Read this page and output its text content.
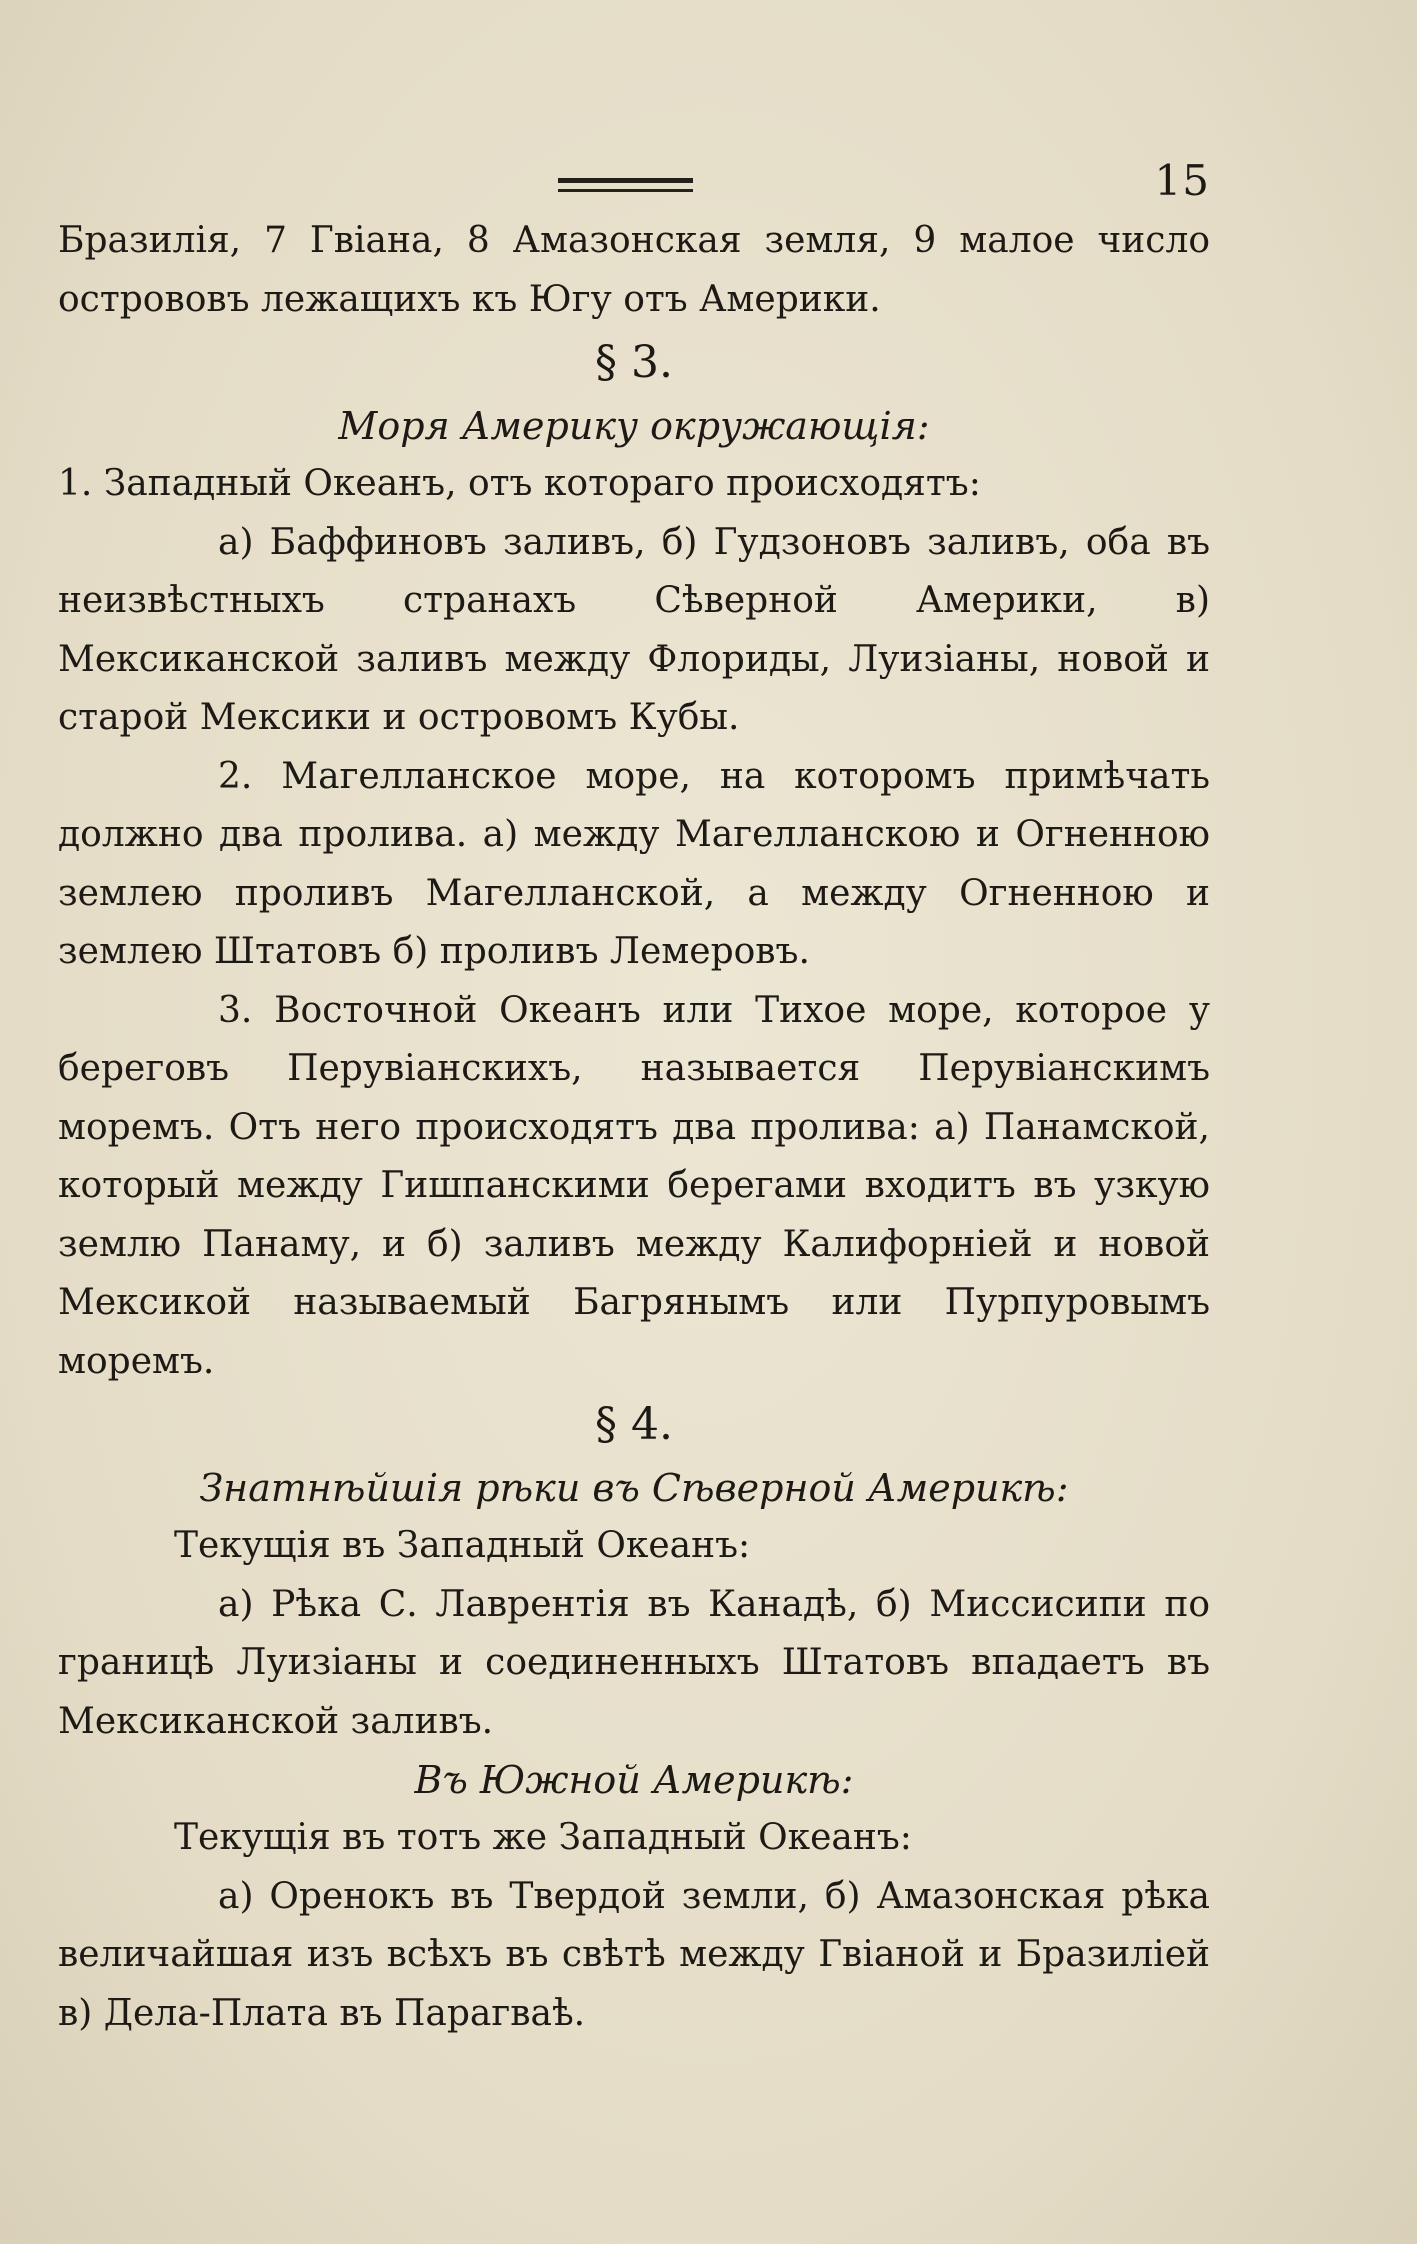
15

Бразилія, 7 Гвіана, 8 Амазонская земля, 9 малое число острововъ лежащихъ къ Югу отъ Америки.

§ 3.
Моря Америку окружающія:

1. Западный Океанъ, отъ котораго происходятъ:

а) Баффиновъ заливъ, б) Гудзоновъ заливъ, оба въ неизвѣстныхъ странахъ Сѣверной Америки, в) Мексиканской заливъ между Флориды, Луизіаны, новой и старой Мексики и островомъ Кубы.

2. Магелланское море, на которомъ примѣчать должно два пролива. а) между Магелланскою и Огненною землею проливъ Магелланской, а между Огненною и землею Штатовъ б) проливъ Лемеровъ.

3. Восточной Океанъ или Тихое море, которое у береговъ Перувіанскихъ, называется Перувіанскимъ моремъ. Отъ него происходятъ два пролива: а) Панамской, который между Гишпанскими берегами входитъ въ узкую землю Панаму, и б) заливъ между Калифорніей и новой Мексикой называемый Багрянымъ или Пурпуровымъ моремъ.

§ 4.
Знатнѣйшія рѣки въ Сѣверной Америкѣ:

Текущія въ Западный Океанъ:

а) Рѣка С. Лаврентія въ Канадѣ, б) Миссисипи по границѣ Луизіаны и соединенныхъ Штатовъ впадаетъ въ Мексиканской заливъ.

Въ Южной Америкѣ:

Текущія въ тотъ же Западный Океанъ:

а) Оренокъ въ Твердой земли, б) Амазонская рѣка величайшая изъ всѣхъ въ свѣтѣ между Гвіаной и Бразиліей в) Дела-Плата въ Парагваѣ.
